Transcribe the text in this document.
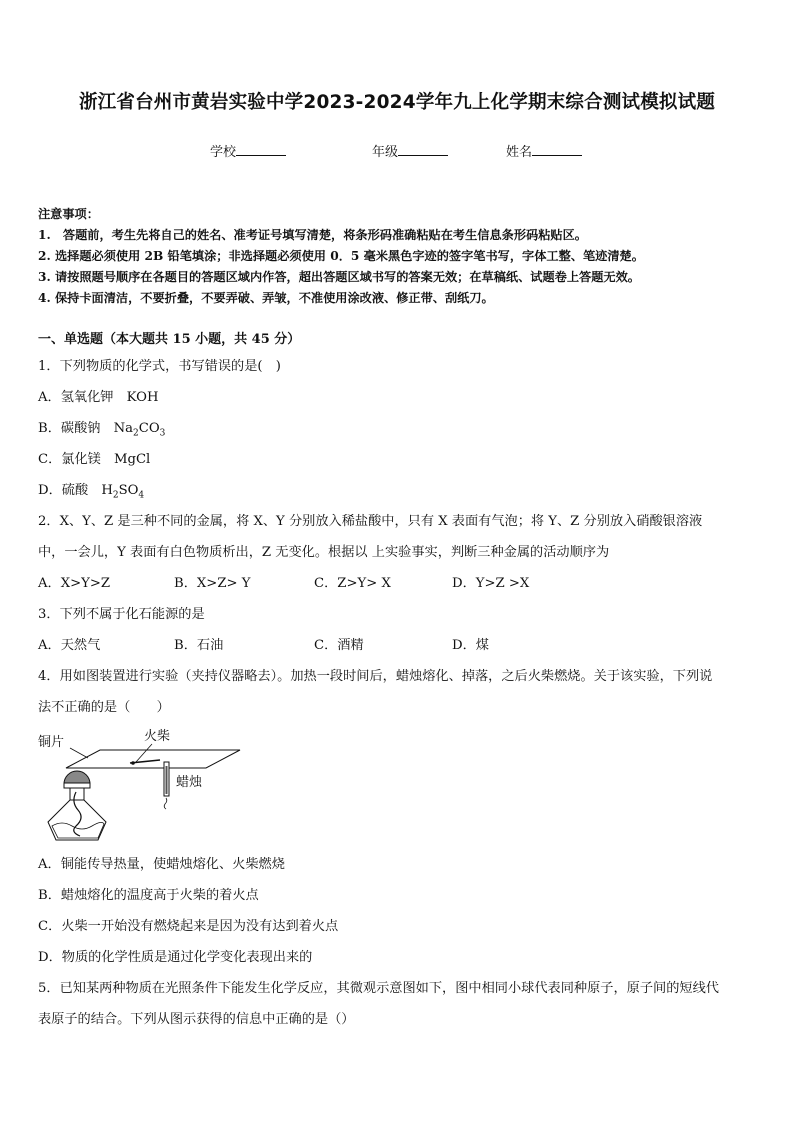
浙江省台州市黄岩实验中学2023-2024学年九上化学期末综合测试模拟试题
学校	年级	姓名
注意事项：
1.　答题前，考生先将自己的姓名、准考证号填写清楚，将条形码准确粘贴在考生信息条形码粘贴区。
2. 选择题必须使用 2B 铅笔填涂；非选择题必须使用 0．5 毫米黑色字迹的签字笔书写，字体工整、笔迹清楚。
3. 请按照题号顺序在各题目的答题区域内作答，超出答题区域书写的答案无效；在草稿纸、试题卷上答题无效。
4. 保持卡面清洁，不要折叠，不要弄破、弄皱，不准使用涂改液、修正带、刮纸刀。
一、单选题（本大题共 15 小题，共 45 分）
1．下列物质的化学式，书写错误的是(　)
A．氢氧化钾　KOH
B．碳酸钠　$Na_2CO_3$
C．氯化镁　MgCl
D．硫酸　$H_2SO_4$
2．X、Y、Z 是三种不同的金属，将 X、Y 分别放入稀盐酸中，只有 X 表面有气泡；将 Y、Z 分别放入硝酸银溶液
中，一会儿，Y 表面有白色物质析出，Z 无变化。根据以 上实验事实，判断三种金属的活动顺序为
A．X>Y>Z	B．X>Z> Y	C．Z>Y> X	D．Y>Z >X
3．下列不属于化石能源的是
A．天然气	B．石油	C．酒精	D．煤
4．用如图装置进行实验（夹持仪器略去）。加热一段时间后，蜡烛熔化、掉落，之后火柴燃烧。关于该实验，下列说
法不正确的是（　　）
铜片	火柴
蜡烛
A．铜能传导热量，使蜡烛熔化、火柴燃烧
B．蜡烛熔化的温度高于火柴的着火点
C．火柴一开始没有燃烧起来是因为没有达到着火点
D．物质的化学性质是通过化学变化表现出来的
5．已知某两种物质在光照条件下能发生化学反应，其微观示意图如下，图中相同小球代表同种原子，原子间的短线代
表原子的结合。下列从图示获得的信息中正确的是（）
